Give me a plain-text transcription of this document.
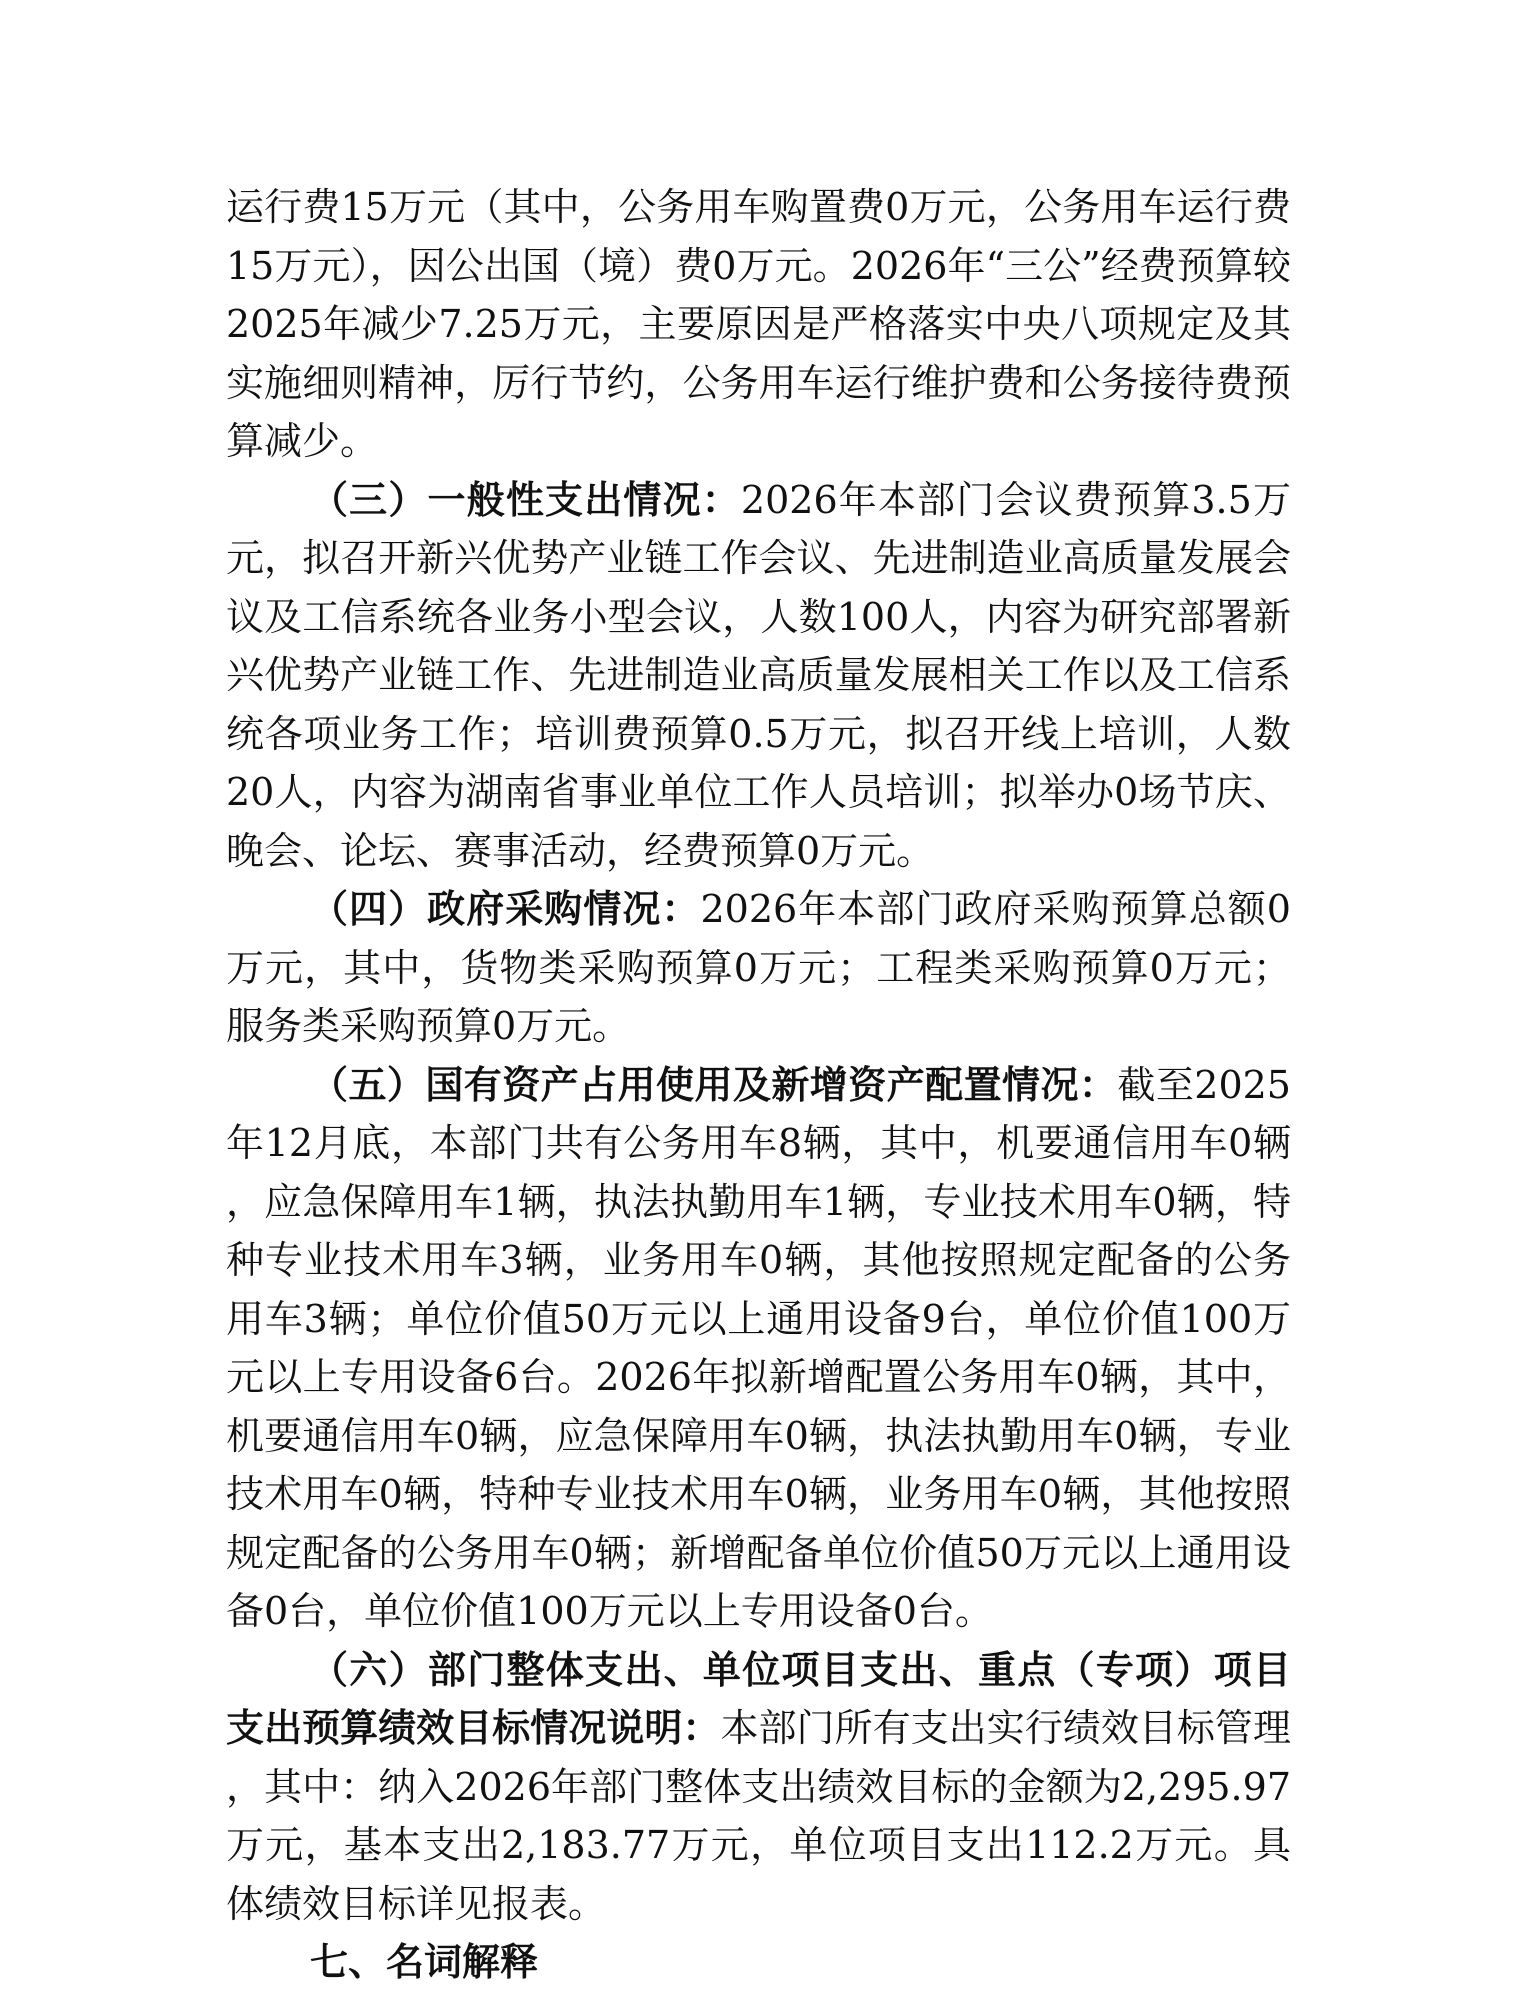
运行费15万元（其中，公务用车购置费0万元，公务用车运行费15万元），因公出国（境）费0万元。2026年“三公”经费预算较2025年减少7.25万元，主要原因是严格落实中央八项规定及其实施细则精神，厉行节约，公务用车运行维护费和公务接待费预算减少。

（三）一般性支出情况：2026年本部门会议费预算3.5万元，拟召开新兴优势产业链工作会议、先进制造业高质量发展会议及工信系统各业务小型会议，人数100人，内容为研究部署新兴优势产业链工作、先进制造业高质量发展相关工作以及工信系统各项业务工作；培训费预算0.5万元，拟召开线上培训，人数20人，内容为湖南省事业单位工作人员培训；拟举办0场节庆、晚会、论坛、赛事活动，经费预算0万元。

（四）政府采购情况：2026年本部门政府采购预算总额0万元，其中，货物类采购预算0万元；工程类采购预算0万元；服务类采购预算0万元。

（五）国有资产占用使用及新增资产配置情况：截至2025年12月底，本部门共有公务用车8辆，其中，机要通信用车0辆，应急保障用车1辆，执法执勤用车1辆，专业技术用车0辆，特种专业技术用车3辆，业务用车0辆，其他按照规定配备的公务用车3辆；单位价值50万元以上通用设备9台，单位价值100万元以上专用设备6台。2026年拟新增配置公务用车0辆，其中，机要通信用车0辆，应急保障用车0辆，执法执勤用车0辆，专业技术用车0辆，特种专业技术用车0辆，业务用车0辆，其他按照规定配备的公务用车0辆；新增配备单位价值50万元以上通用设备0台，单位价值100万元以上专用设备0台。

（六）部门整体支出、单位项目支出、重点（专项）项目支出预算绩效目标情况说明：本部门所有支出实行绩效目标管理，其中：纳入2026年部门整体支出绩效目标的金额为2,295.97万元，基本支出2,183.77万元，单位项目支出112.2万元。具体绩效目标详见报表。

七、名词解释
